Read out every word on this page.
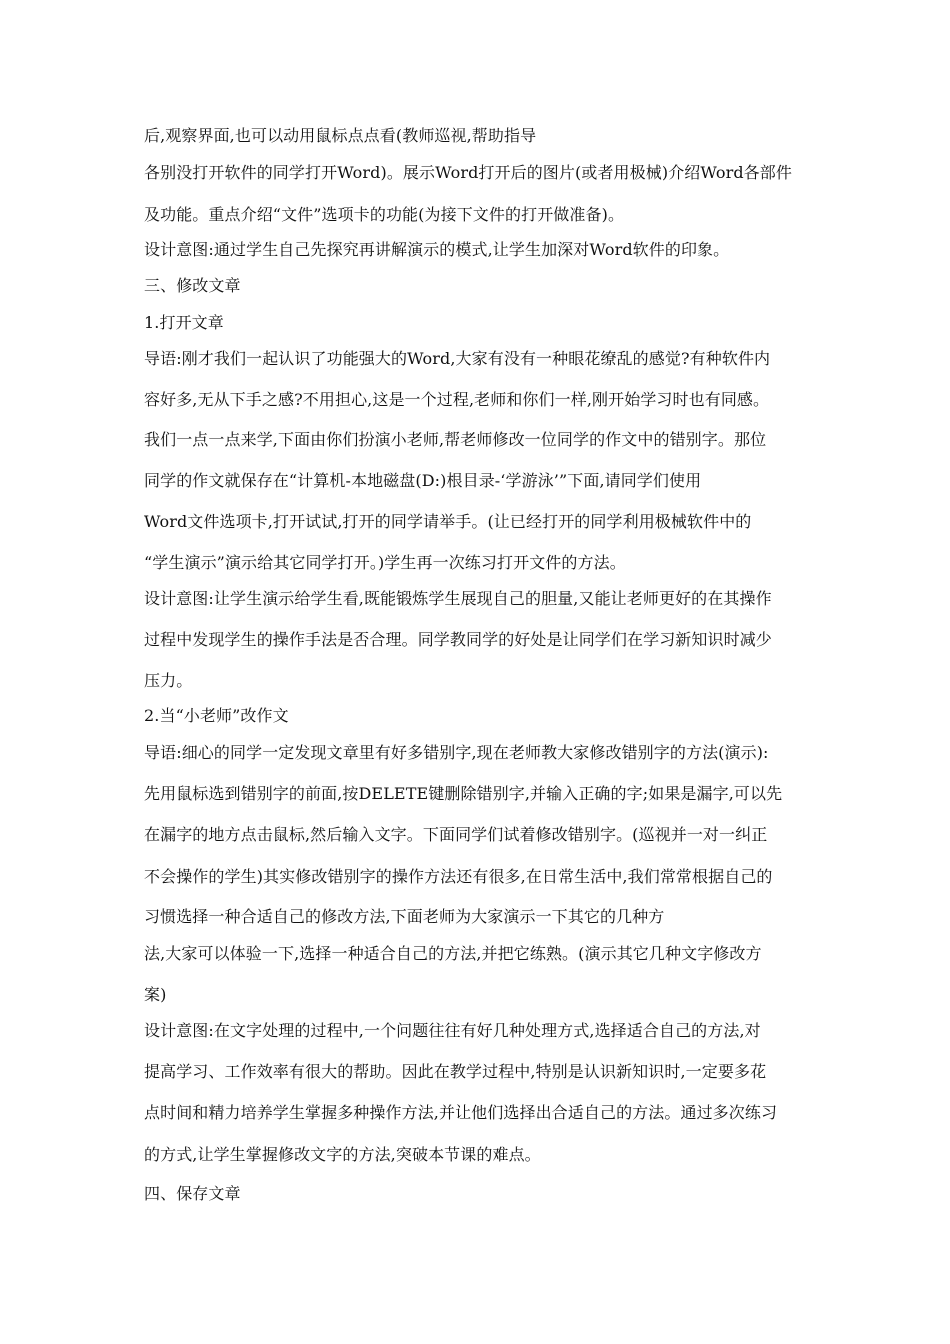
后,观察界面,也可以动用鼠标点点看(教师巡视,帮助指导
各别没打开软件的同学打开Word)。展示Word打开后的图片(或者用极械)介绍Word各部件
及功能。重点介绍“文件”选项卡的功能(为接下文件的打开做准备)。
设计意图:通过学生自己先探究再讲解演示的模式,让学生加深对Word软件的印象。
三、修改文章
1.打开文章
导语:刚才我们一起认识了功能强大的Word,大家有没有一种眼花缭乱的感觉?有种软件内
容好多,无从下手之感?不用担心,这是一个过程,老师和你们一样,刚开始学习时也有同感。
我们一点一点来学,下面由你们扮演小老师,帮老师修改一位同学的作文中的错别字。那位
同学的作文就保存在“计算机-本地磁盘(D:)根目录-‘学游泳’”下面,请同学们使用
Word文件选项卡,打开试试,打开的同学请举手。(让已经打开的同学利用极械软件中的
“学生演示”演示给其它同学打开。)学生再一次练习打开文件的方法。
设计意图:让学生演示给学生看,既能锻炼学生展现自己的胆量,又能让老师更好的在其操作
过程中发现学生的操作手法是否合理。同学教同学的好处是让同学们在学习新知识时减少
压力。
2.当“小老师”改作文
导语:细心的同学一定发现文章里有好多错别字,现在老师教大家修改错别字的方法(演示):
先用鼠标选到错别字的前面,按DELETE键删除错别字,并输入正确的字;如果是漏字,可以先
在漏字的地方点击鼠标,然后输入文字。下面同学们试着修改错别字。(巡视并一对一纠正
不会操作的学生)其实修改错别字的操作方法还有很多,在日常生活中,我们常常根据自己的
习惯选择一种合适自己的修改方法,下面老师为大家演示一下其它的几种方
法,大家可以体验一下,选择一种适合自己的方法,并把它练熟。(演示其它几种文字修改方
案)
设计意图:在文字处理的过程中,一个问题往往有好几种处理方式,选择适合自己的方法,对
提高学习、工作效率有很大的帮助。因此在教学过程中,特别是认识新知识时,一定要多花
点时间和精力培养学生掌握多种操作方法,并让他们选择出合适自己的方法。通过多次练习
的方式,让学生掌握修改文字的方法,突破本节课的难点。
四、保存文章
